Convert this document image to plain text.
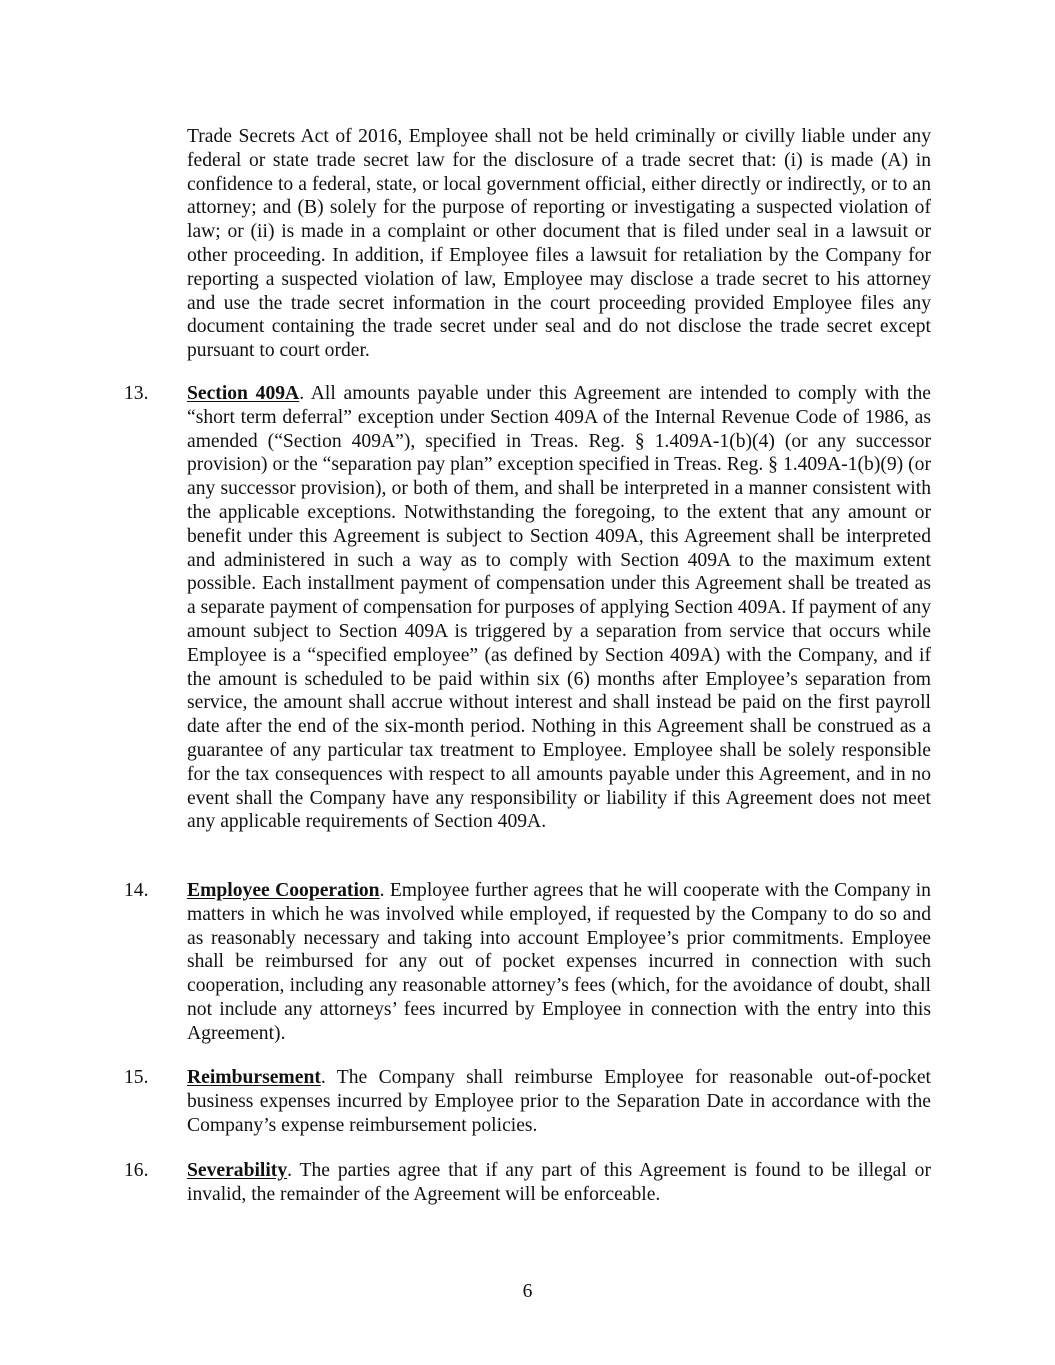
Trade Secrets Act of 2016, Employee shall not be held criminally or civilly liable under any federal or state trade secret law for the disclosure of a trade secret that: (i) is made (A) in confidence to a federal, state, or local government official, either directly or indirectly, or to an attorney; and (B) solely for the purpose of reporting or investigating a suspected violation of law; or (ii) is made in a complaint or other document that is filed under seal in a lawsuit or other proceeding. In addition, if Employee files a lawsuit for retaliation by the Company for reporting a suspected violation of law, Employee may disclose a trade secret to his attorney and use the trade secret information in the court proceeding provided Employee files any document containing the trade secret under seal and do not disclose the trade secret except pursuant to court order.

13. Section 409A. All amounts payable under this Agreement are intended to comply with the “short term deferral” exception under Section 409A of the Internal Revenue Code of 1986, as amended (“Section 409A”), specified in Treas. Reg. § 1.409A-1(b)(4) (or any successor provision) or the “separation pay plan” exception specified in Treas. Reg. § 1.409A-1(b)(9) (or any successor provision), or both of them, and shall be interpreted in a manner consistent with the applicable exceptions. Notwithstanding the foregoing, to the extent that any amount or benefit under this Agreement is subject to Section 409A, this Agreement shall be interpreted and administered in such a way as to comply with Section 409A to the maximum extent possible. Each installment payment of compensation under this Agreement shall be treated as a separate payment of compensation for purposes of applying Section 409A. If payment of any amount subject to Section 409A is triggered by a separation from service that occurs while Employee is a “specified employee” (as defined by Section 409A) with the Company, and if the amount is scheduled to be paid within six (6) months after Employee’s separation from service, the amount shall accrue without interest and shall instead be paid on the first payroll date after the end of the six-month period. Nothing in this Agreement shall be construed as a guarantee of any particular tax treatment to Employee. Employee shall be solely responsible for the tax consequences with respect to all amounts payable under this Agreement, and in no event shall the Company have any responsibility or liability if this Agreement does not meet any applicable requirements of Section 409A.

14. Employee Cooperation. Employee further agrees that he will cooperate with the Company in matters in which he was involved while employed, if requested by the Company to do so and as reasonably necessary and taking into account Employee’s prior commitments. Employee shall be reimbursed for any out of pocket expenses incurred in connection with such cooperation, including any reasonable attorney’s fees (which, for the avoidance of doubt, shall not include any attorneys’ fees incurred by Employee in connection with the entry into this Agreement).

15. Reimbursement. The Company shall reimburse Employee for reasonable out-of-pocket business expenses incurred by Employee prior to the Separation Date in accordance with the Company’s expense reimbursement policies.

16. Severability. The parties agree that if any part of this Agreement is found to be illegal or invalid, the remainder of the Agreement will be enforceable.

6
